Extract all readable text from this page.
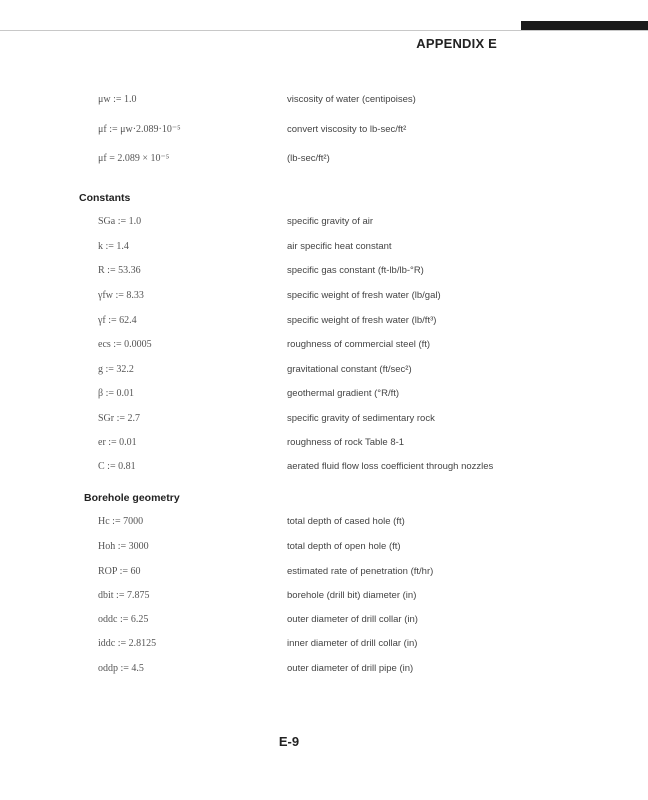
APPENDIX E
μw := 1.0	viscosity of water (centipoises)
μf := μw·2.089·10⁻⁵	convert viscosity to lb-sec/ft²
μf = 2.089 × 10⁻⁵	(lb-sec/ft²)
Constants
SGa := 1.0	specific gravity of air
k := 1.4	air specific heat constant
R := 53.36	specific gas constant (ft-lb/lb-°R)
γfw := 8.33	specific weight of fresh water (lb/gal)
γf := 62.4	specific weight of fresh water (lb/ft³)
ecs := 0.0005	roughness of commercial steel (ft)
g := 32.2	gravitational constant (ft/sec²)
β := 0.01	geothermal gradient (°R/ft)
SGr := 2.7	specific gravity of sedimentary rock
er := 0.01	roughness of rock Table 8-1
C := 0.81	aerated fluid flow loss coefficient through nozzles
Borehole geometry
Hc := 7000	total depth of cased hole (ft)
Hoh := 3000	total depth of open hole (ft)
ROP := 60	estimated rate of penetration (ft/hr)
dbit := 7.875	borehole (drill bit) diameter (in)
oddc := 6.25	outer diameter of drill collar (in)
iddc := 2.8125	inner diameter of drill collar (in)
oddp := 4.5	outer diameter of drill pipe (in)
E-9
